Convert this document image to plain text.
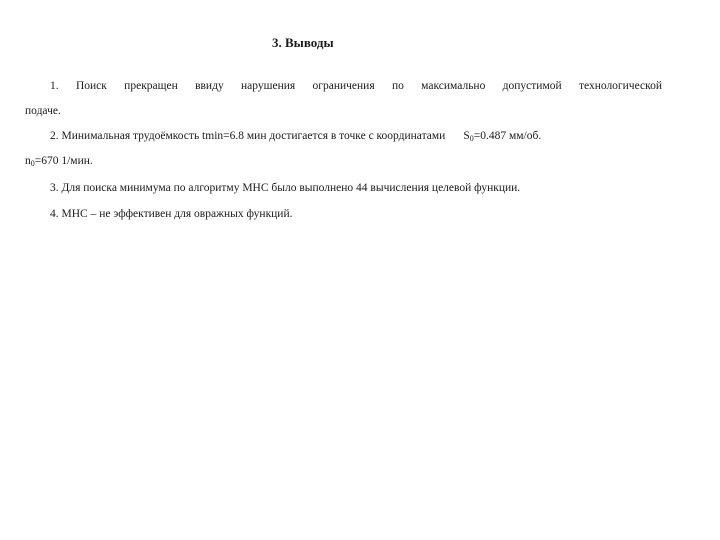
3. Выводы
1. Поиск прекращен ввиду нарушения ограничения по максимально допустимой технологической
подаче.
2. Минимальная трудоёмкость tmin=6.8 мин достигается в точке с координатами $S_0=0.487$ мм/об.
$n_0=670$ 1/мин.
3. Для поиска минимума по алгоритму МНС было выполнено 44 вычисления целевой функции.
4. МНС – не эффективен для овражных функций.
